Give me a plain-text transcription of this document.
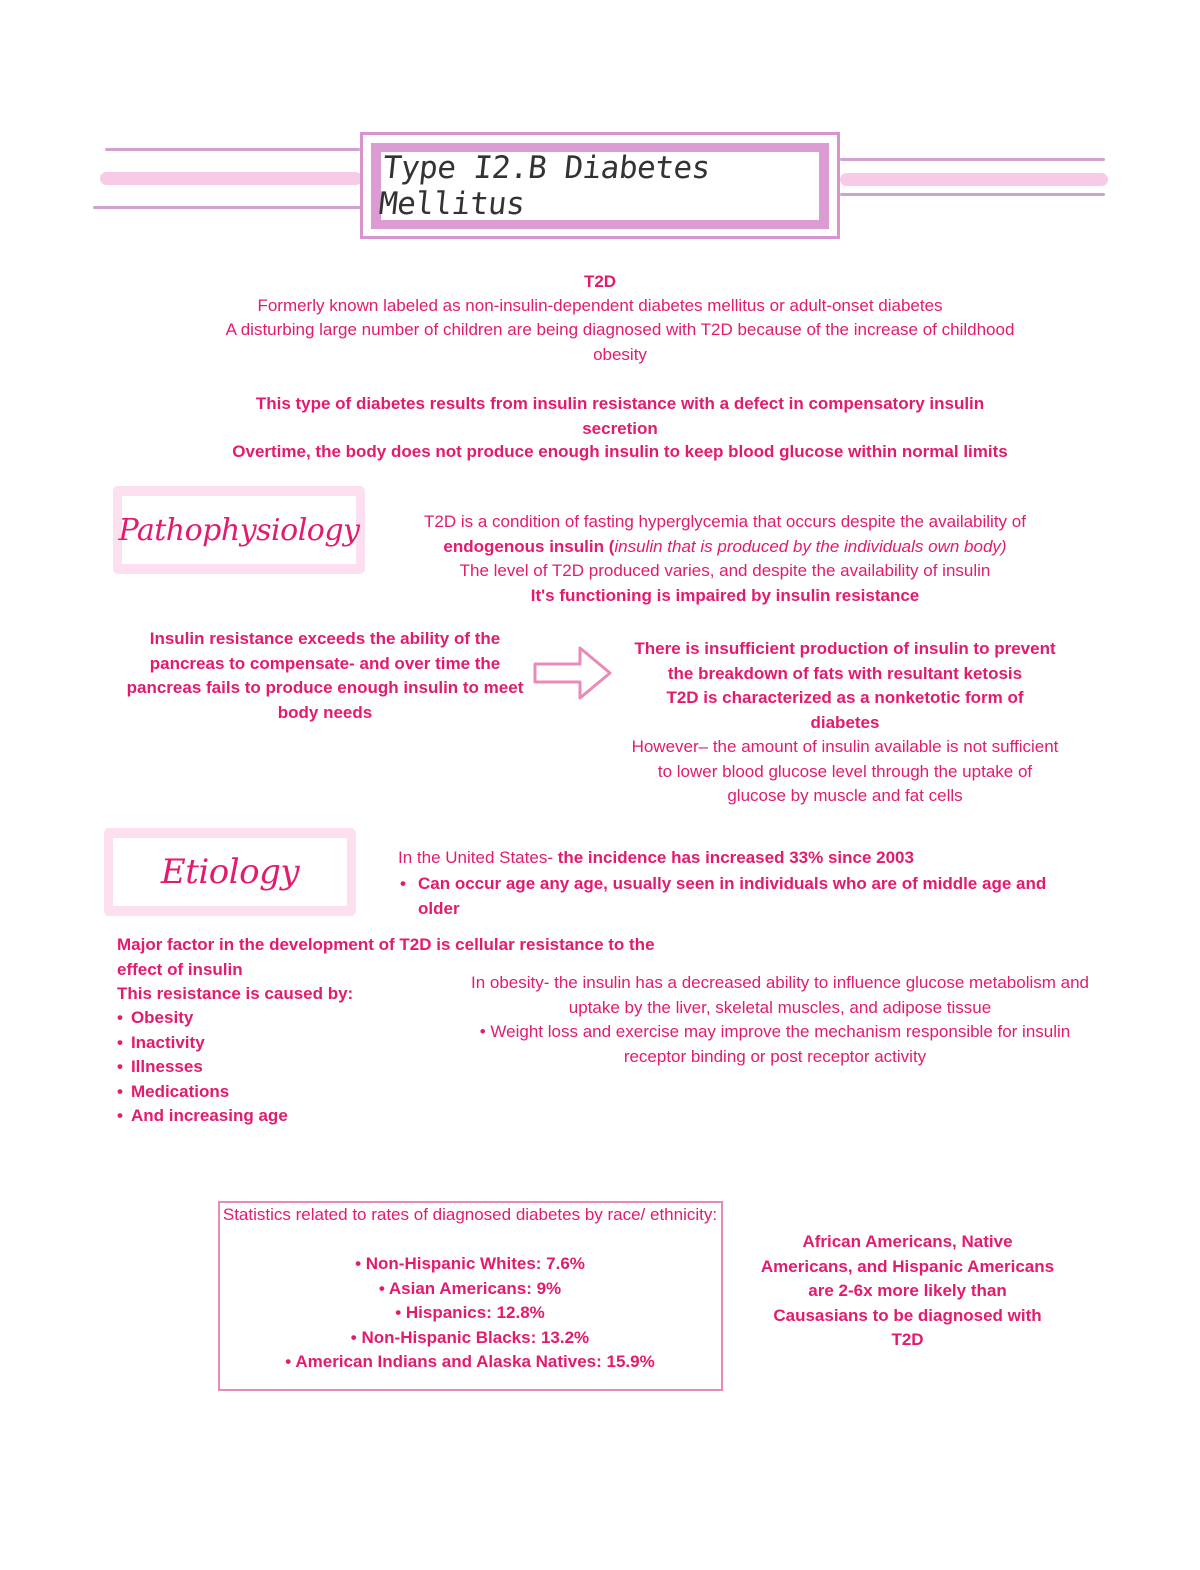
Type I2.B Diabetes Mellitus
T2D
Formerly known labeled as non-insulin-dependent diabetes mellitus or adult-onset diabetes
A disturbing large number of children are being diagnosed with T2D because of the increase of childhood obesity
This type of diabetes results from insulin resistance with a defect in compensatory insulin secretion
Overtime, the body does not produce enough insulin to keep blood glucose within normal limits
Pathophysiology	T2D is a condition of fasting hyperglycemia that occurs despite the availability of
endogenous insulin (insulin that is produced by the individuals own body)
The level of T2D produced varies, and despite the availability of insulin
It's functioning is impaired by insulin resistance
Insulin resistance exceeds the ability of the pancreas to compensate- and over time the pancreas fails to produce enough insulin to meet body needs
There is insufficient production of insulin to prevent the breakdown of fats with resultant ketosis
T2D is characterized as a nonketotic form of diabetes
However– the amount of insulin available is not sufficient to lower blood glucose level through the uptake of glucose by muscle and fat cells
Etiology	In the United States- the incidence has increased 33% since 2003
• Can occur age any age, usually seen in individuals who are of middle age and older
Major factor in the development of T2D is cellular resistance to the effect of insulin
This resistance is caused by:
• Obesity
• Inactivity
• Illnesses
• Medications
• And increasing age
In obesity- the insulin has a decreased ability to influence glucose metabolism and uptake by the liver, skeletal muscles, and adipose tissue
• Weight loss and exercise may improve the mechanism responsible for insulin receptor binding or post receptor activity
Statistics related to rates of diagnosed diabetes by race/ ethnicity:
• Non-Hispanic Whites: 7.6%
• Asian Americans: 9%
• Hispanics: 12.8%
• Non-Hispanic Blacks: 13.2%
• American Indians and Alaska Natives: 15.9%
African Americans, Native Americans, and Hispanic Americans are 2-6x more likely than Causasians to be diagnosed with T2D
